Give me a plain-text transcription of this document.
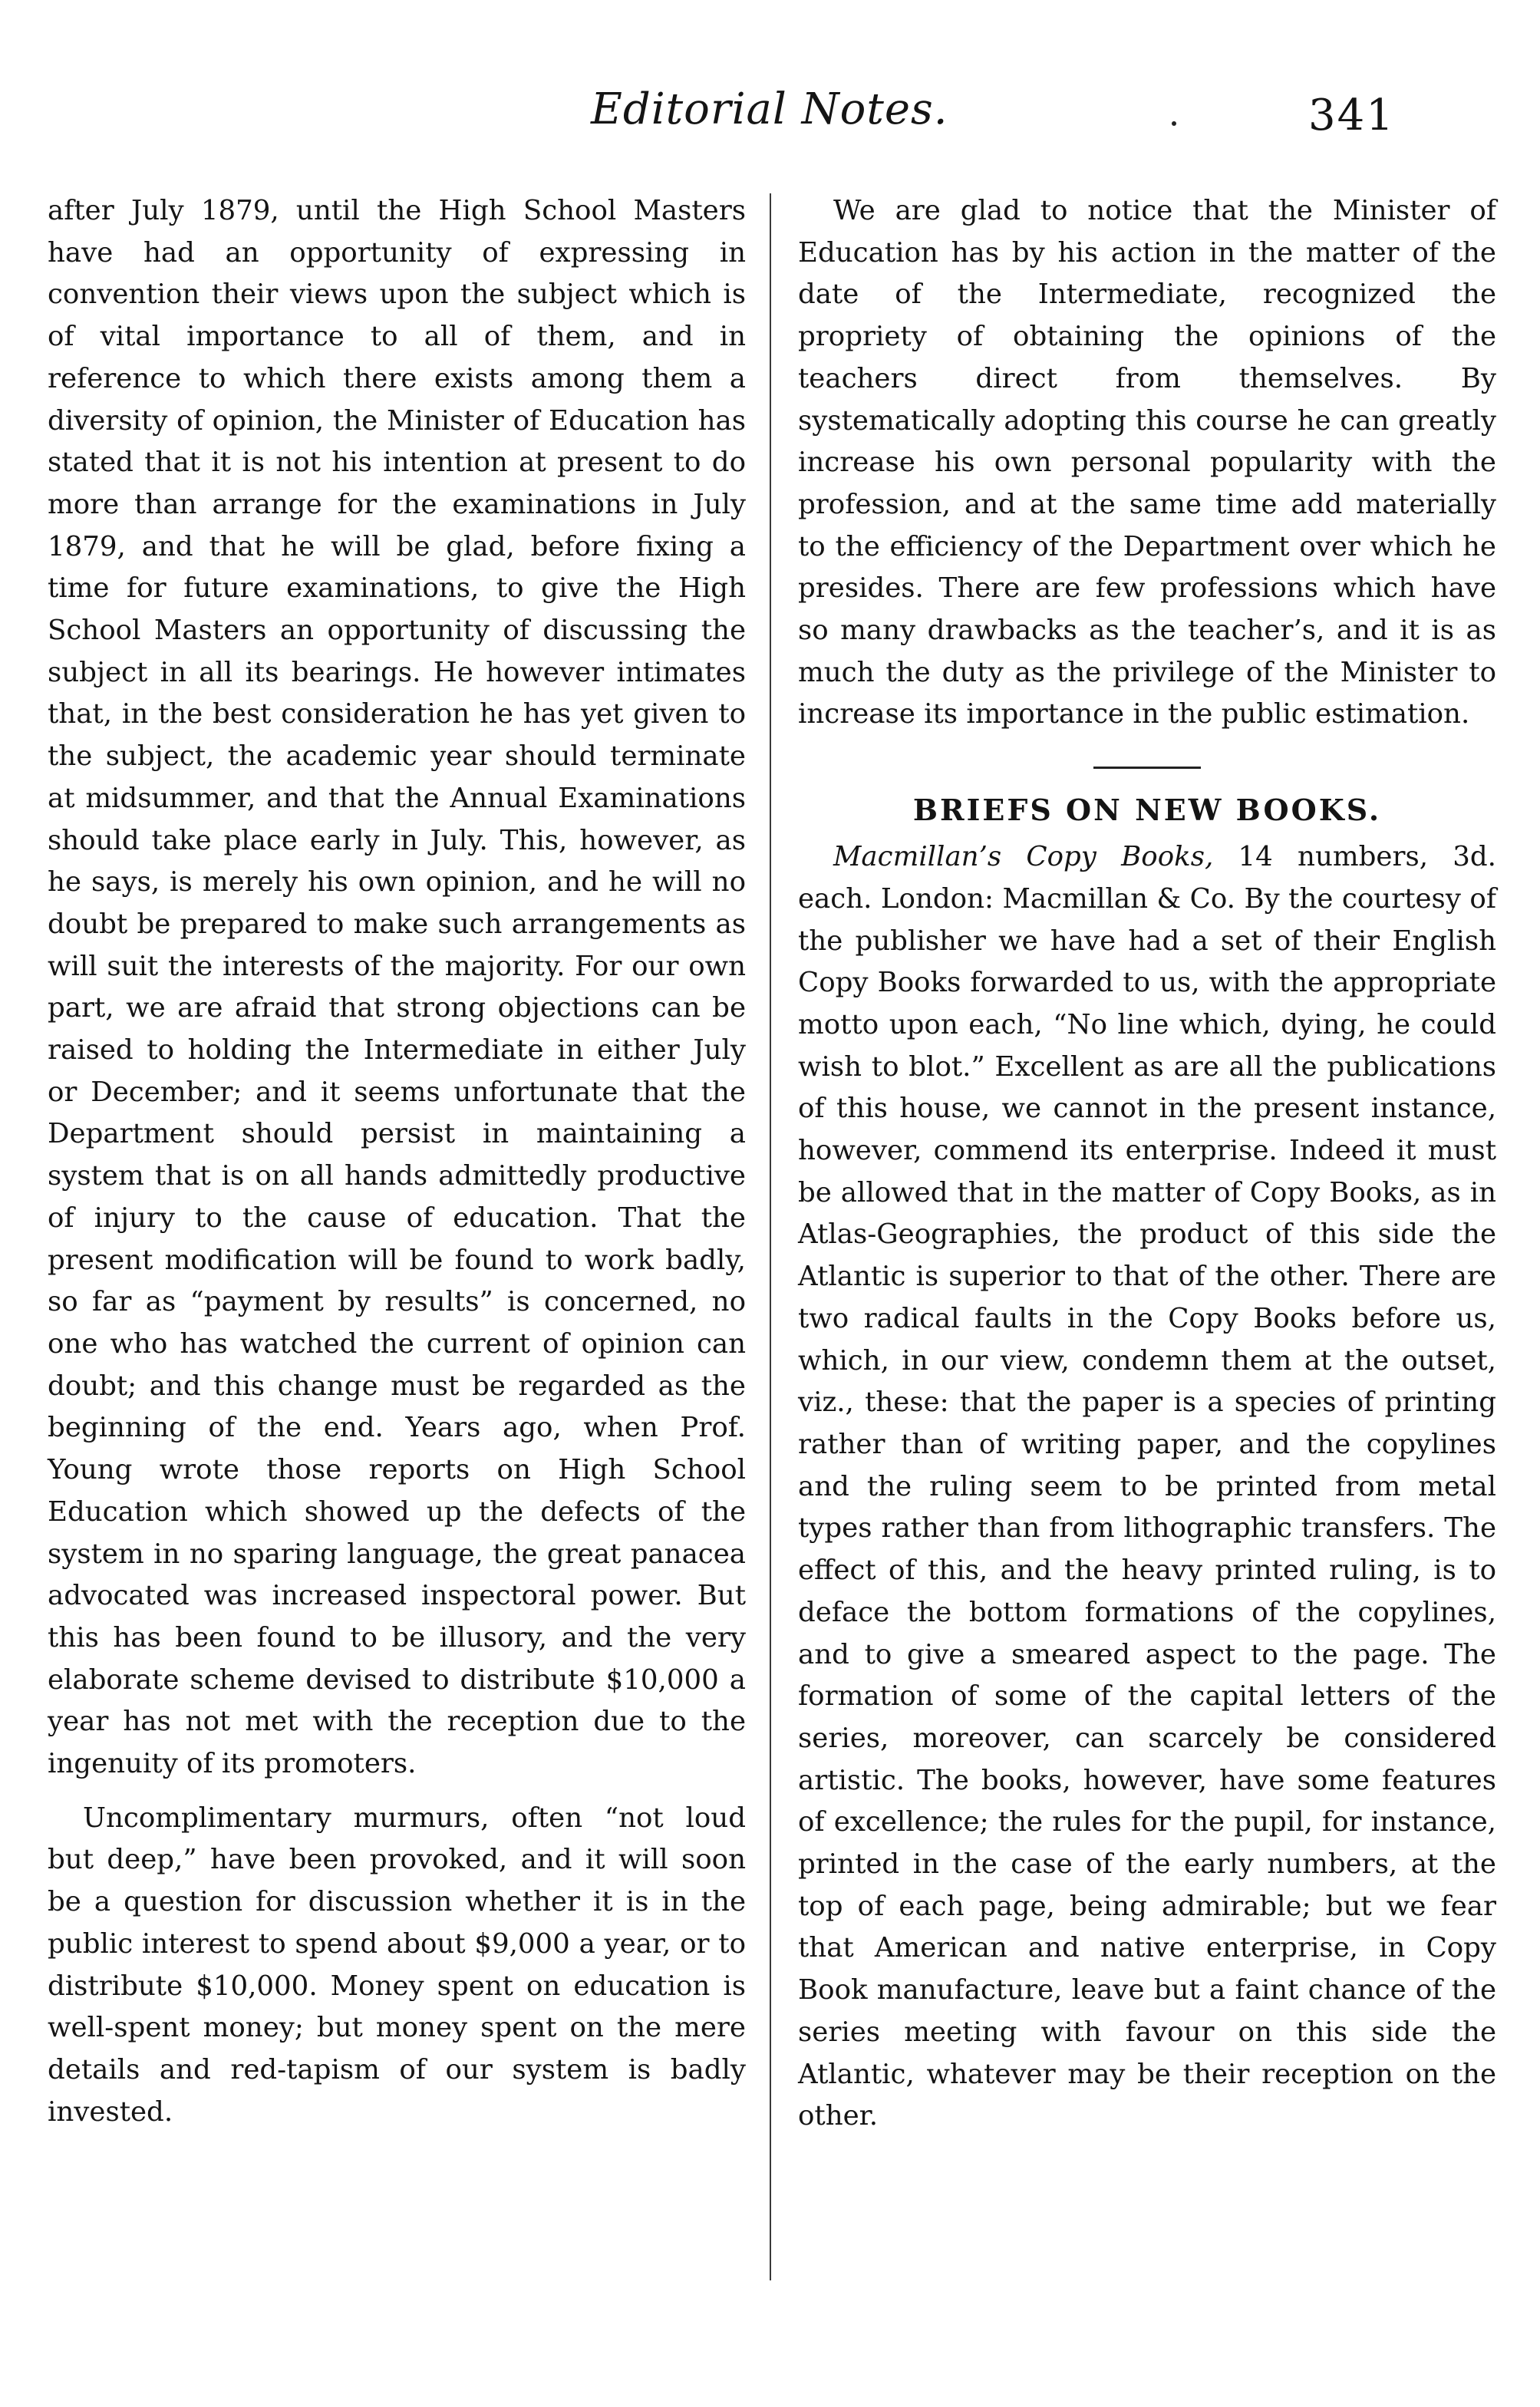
Editorial Notes.	341

after July 1879, until the High School Masters have had an opportunity of expressing in convention their views upon the subject which is of vital importance to all of them, and in reference to which there exists among them a diversity of opinion, the Minister of Education has stated that it is not his intention at present to do more than arrange for the examinations in July 1879, and that he will be glad, before fixing a time for future examinations, to give the High School Masters an opportunity of discussing the subject in all its bearings. He however intimates that, in the best consideration he has yet given to the subject, the academic year should terminate at midsummer, and that the Annual Examinations should take place early in July. This, however, as he says, is merely his own opinion, and he will no doubt be prepared to make such arrangements as will suit the interests of the majority. For our own part, we are afraid that strong objections can be raised to holding the Intermediate in either July or December; and it seems unfortunate that the Department should persist in maintaining a system that is on all hands admittedly productive of injury to the cause of education. That the present modification will be found to work badly, so far as “payment by results” is concerned, no one who has watched the current of opinion can doubt; and this change must be regarded as the beginning of the end. Years ago, when Prof. Young wrote those reports on High School Education which showed up the defects of the system in no sparing language, the great panacea advocated was increased inspectoral power. But this has been found to be illusory, and the very elaborate scheme devised to distribute $10,000 a year has not met with the reception due to the ingenuity of its promoters.

Uncomplimentary murmurs, often “not loud but deep,” have been provoked, and it will soon be a question for discussion whether it is in the public interest to spend about $9,000 a year, or to distribute $10,000. Money spent on education is well-spent money; but money spent on the mere details and red-tapism of our system is badly invested.

We are glad to notice that the Minister of Education has by his action in the matter of the date of the Intermediate, recognized the propriety of obtaining the opinions of the teachers direct from themselves. By systematically adopting this course he can greatly increase his own personal popularity with the profession, and at the same time add materially to the efficiency of the Department over which he presides. There are few professions which have so many drawbacks as the teacher’s, and it is as much the duty as the privilege of the Minister to increase its importance in the public estimation.

BRIEFS ON NEW BOOKS.

Macmillan’s Copy Books, 14 numbers, 3d. each. London: Macmillan & Co. By the courtesy of the publisher we have had a set of their English Copy Books forwarded to us, with the appropriate motto upon each, “No line which, dying, he could wish to blot.” Excellent as are all the publications of this house, we cannot in the present instance, however, commend its enterprise. Indeed it must be allowed that in the matter of Copy Books, as in Atlas-Geographies, the product of this side the Atlantic is superior to that of the other. There are two radical faults in the Copy Books before us, which, in our view, condemn them at the outset, viz., these: that the paper is a species of printing rather than of writing paper, and the copylines and the ruling seem to be printed from metal types rather than from lithographic transfers. The effect of this, and the heavy printed ruling, is to deface the bottom formations of the copylines, and to give a smeared aspect to the page. The formation of some of the capital letters of the series, moreover, can scarcely be considered artistic. The books, however, have some features of excellence; the rules for the pupil, for instance, printed in the case of the early numbers, at the top of each page, being admirable; but we fear that American and native enterprise, in Copy Book manufacture, leave but a faint chance of the series meeting with favour on this side the Atlantic, whatever may be their reception on the other.
